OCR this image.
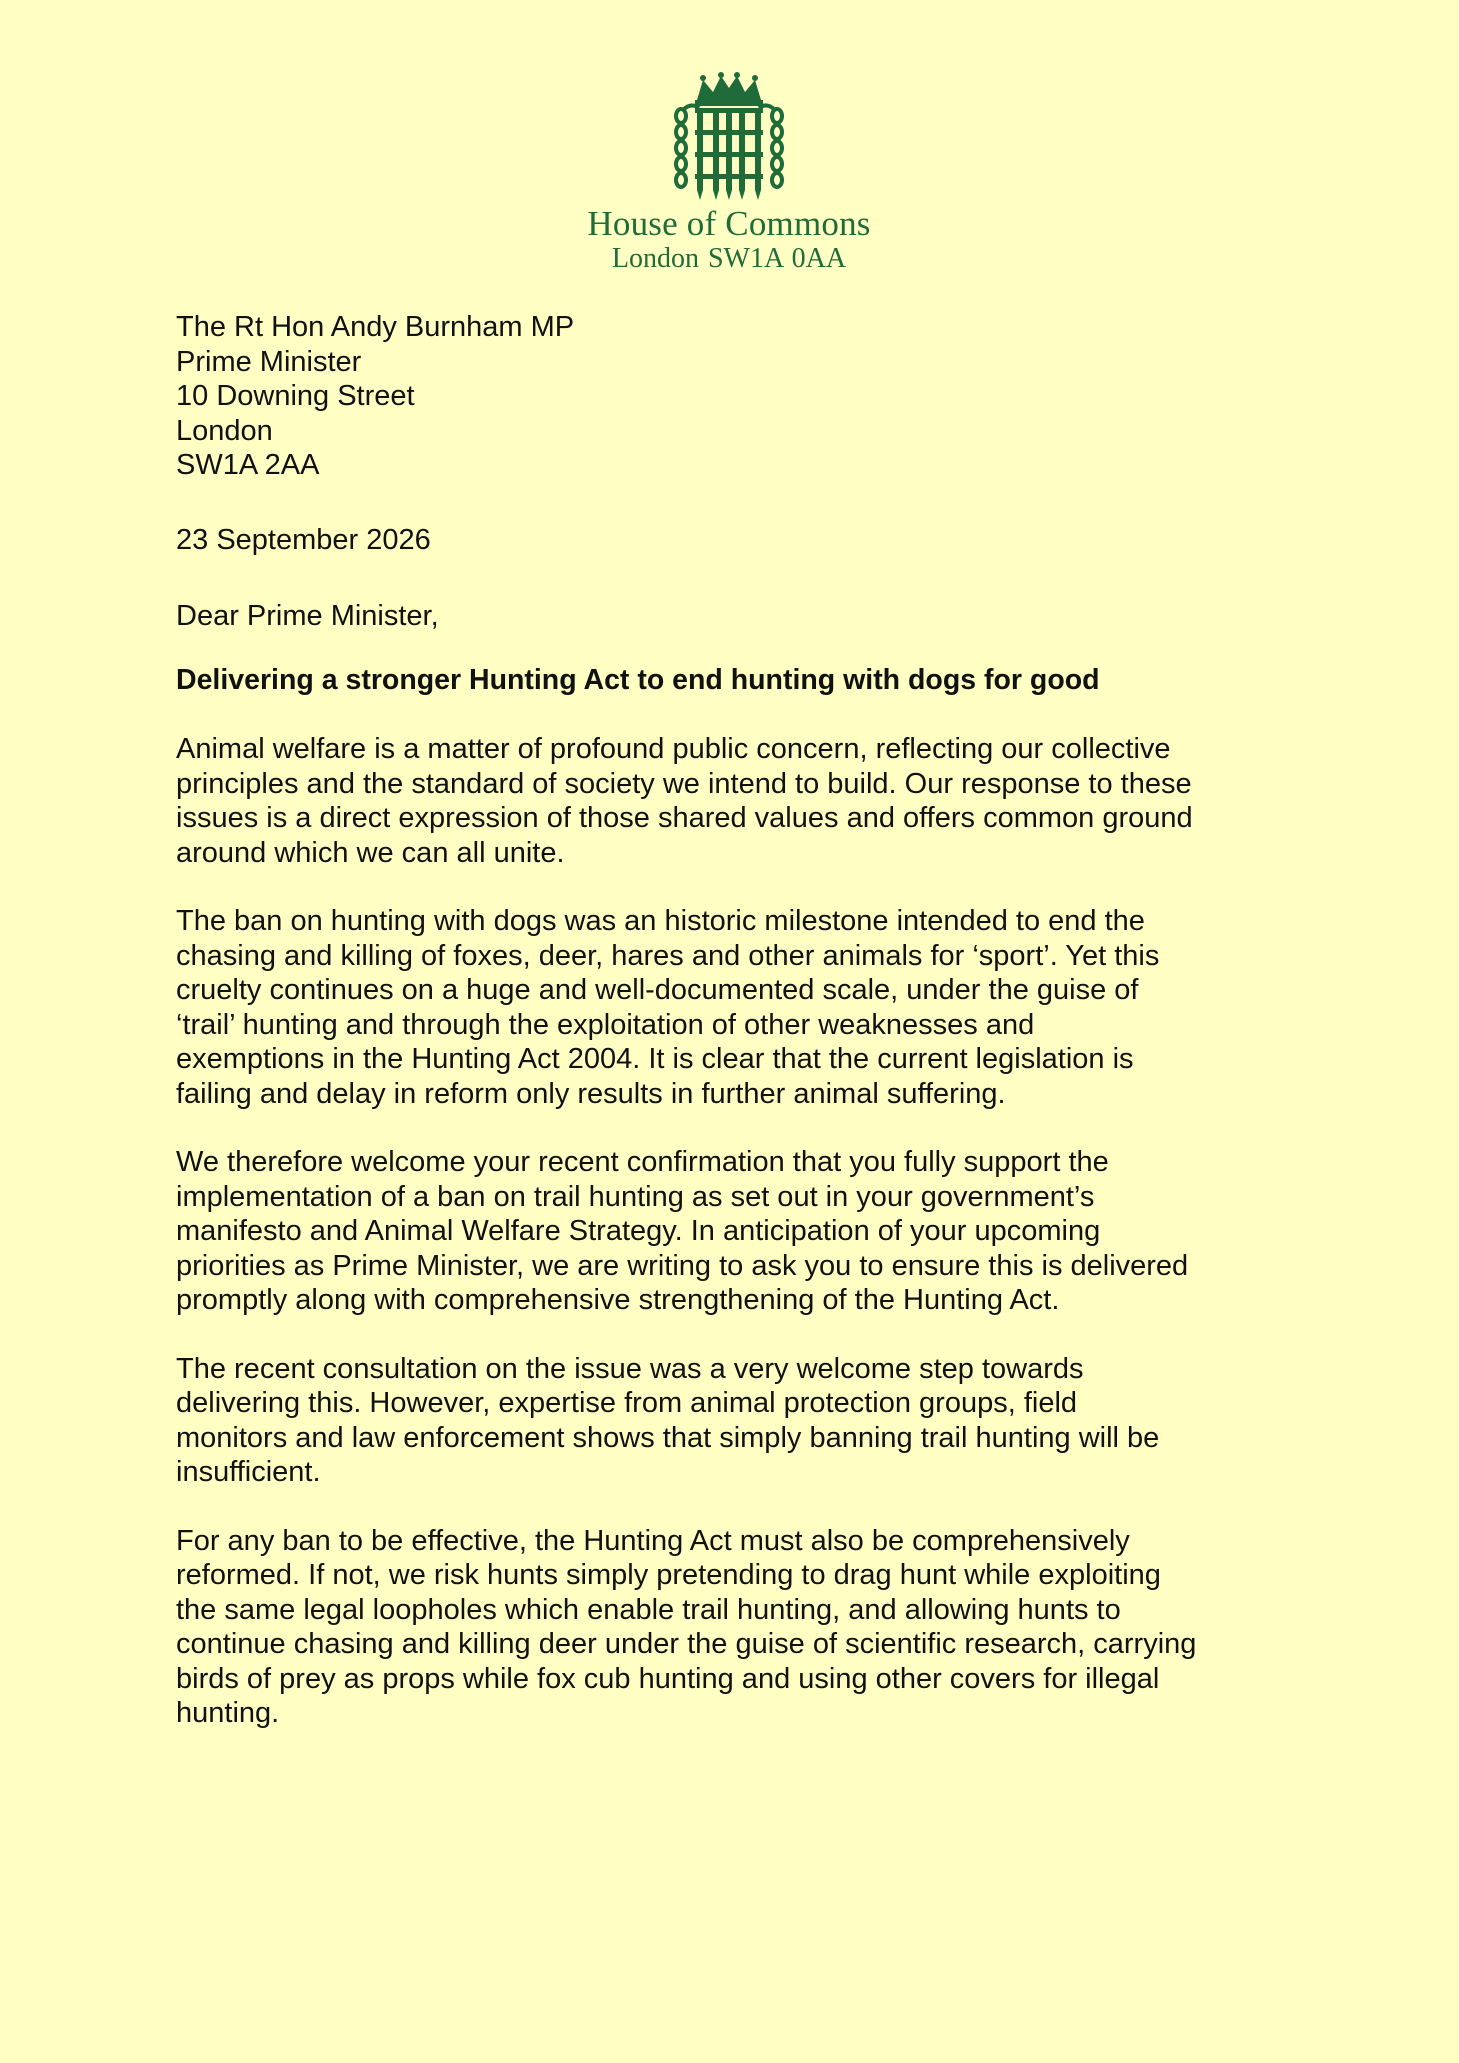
House of Commons
London SW1A 0AA
The Rt Hon Andy Burnham MP
Prime Minister
10 Downing Street
London
SW1A 2AA
23 September 2026
Dear Prime Minister,
Delivering a stronger Hunting Act to end hunting with dogs for good
Animal welfare is a matter of profound public concern, reflecting our collective
principles and the standard of society we intend to build. Our response to these
issues is a direct expression of those shared values and offers common ground
around which we can all unite.
The ban on hunting with dogs was an historic milestone intended to end the
chasing and killing of foxes, deer, hares and other animals for ‘sport’. Yet this
cruelty continues on a huge and well-documented scale, under the guise of
‘trail’ hunting and through the exploitation of other weaknesses and
exemptions in the Hunting Act 2004. It is clear that the current legislation is
failing and delay in reform only results in further animal suffering.
We therefore welcome your recent confirmation that you fully support the
implementation of a ban on trail hunting as set out in your government’s
manifesto and Animal Welfare Strategy. In anticipation of your upcoming
priorities as Prime Minister, we are writing to ask you to ensure this is delivered
promptly along with comprehensive strengthening of the Hunting Act.
The recent consultation on the issue was a very welcome step towards
delivering this. However, expertise from animal protection groups, field
monitors and law enforcement shows that simply banning trail hunting will be
insufficient.
For any ban to be effective, the Hunting Act must also be comprehensively
reformed. If not, we risk hunts simply pretending to drag hunt while exploiting
the same legal loopholes which enable trail hunting, and allowing hunts to
continue chasing and killing deer under the guise of scientific research, carrying
birds of prey as props while fox cub hunting and using other covers for illegal
hunting.
